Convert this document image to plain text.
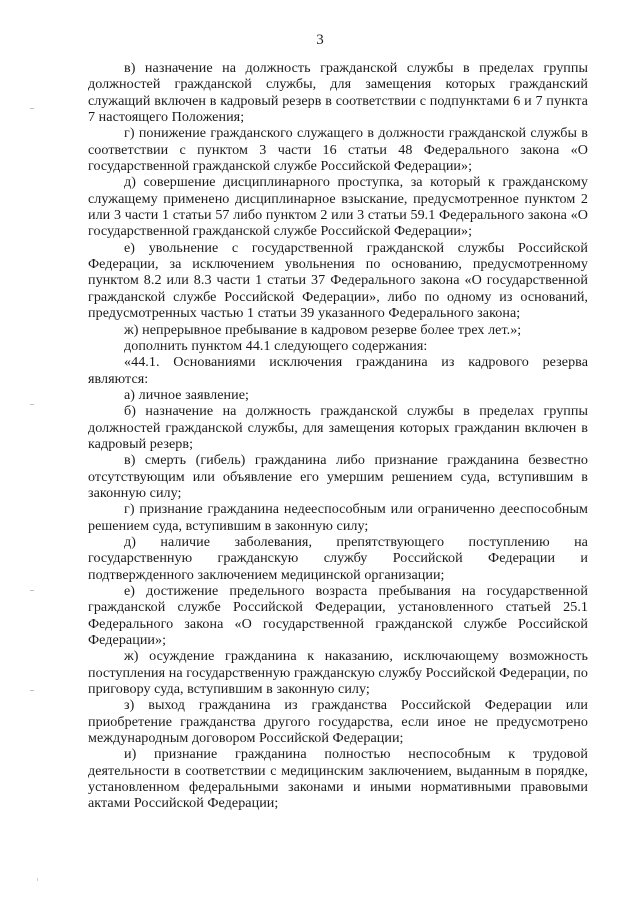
3

в) назначение на должность гражданской службы в пределах группы должностей гражданской службы, для замещения которых гражданский служащий включен в кадровый резерв в соответствии с подпунктами 6 и 7 пункта 7 настоящего Положения;

г) понижение гражданского служащего в должности гражданской службы в соответствии с пунктом 3 части 16 статьи 48 Федерального закона «О государственной гражданской службе Российской Федерации»;

д) совершение дисциплинарного проступка, за который к гражданскому служащему применено дисциплинарное взыскание, предусмотренное пунктом 2 или 3 части 1 статьи 57 либо пунктом 2 или 3 статьи 59.1 Федерального закона «О государственной гражданской службе Российской Федерации»;

е) увольнение с государственной гражданской службы Российской Федерации, за исключением увольнения по основанию, предусмотренному пунктом 8.2 или 8.3 части 1 статьи 37 Федерального закона «О государственной гражданской службе Российской Федерации», либо по одному из оснований, предусмотренных частью 1 статьи 39 указанного Федерального закона;

ж) непрерывное пребывание в кадровом резерве более трех лет.»;

дополнить пунктом 44.1 следующего содержания:

«44.1. Основаниями исключения гражданина из кадрового резерва являются:

а) личное заявление;

б) назначение на должность гражданской службы в пределах группы должностей гражданской службы, для замещения которых гражданин включен в кадровый резерв;

в) смерть (гибель) гражданина либо признание гражданина безвестно отсутствующим или объявление его умершим решением суда, вступившим в законную силу;

г) признание гражданина недееспособным или ограниченно дееспособным решением суда, вступившим в законную силу;

д) наличие заболевания, препятствующего поступлению на государственную гражданскую службу Российской Федерации и подтвержденного заключением медицинской организации;

е) достижение предельного возраста пребывания на государственной гражданской службе Российской Федерации, установленного статьей 25.1 Федерального закона «О государственной гражданской службе Российской Федерации»;

ж) осуждение гражданина к наказанию, исключающему возможность поступления на государственную гражданскую службу Российской Федерации, по приговору суда, вступившим в законную силу;

з) выход гражданина из гражданства Российской Федерации или приобретение гражданства другого государства, если иное не предусмотрено международным договором Российской Федерации;

и) признание гражданина полностью неспособным к трудовой деятельности в соответствии с медицинским заключением, выданным в порядке, установленном федеральными законами и иными нормативными правовыми актами Российской Федерации;
